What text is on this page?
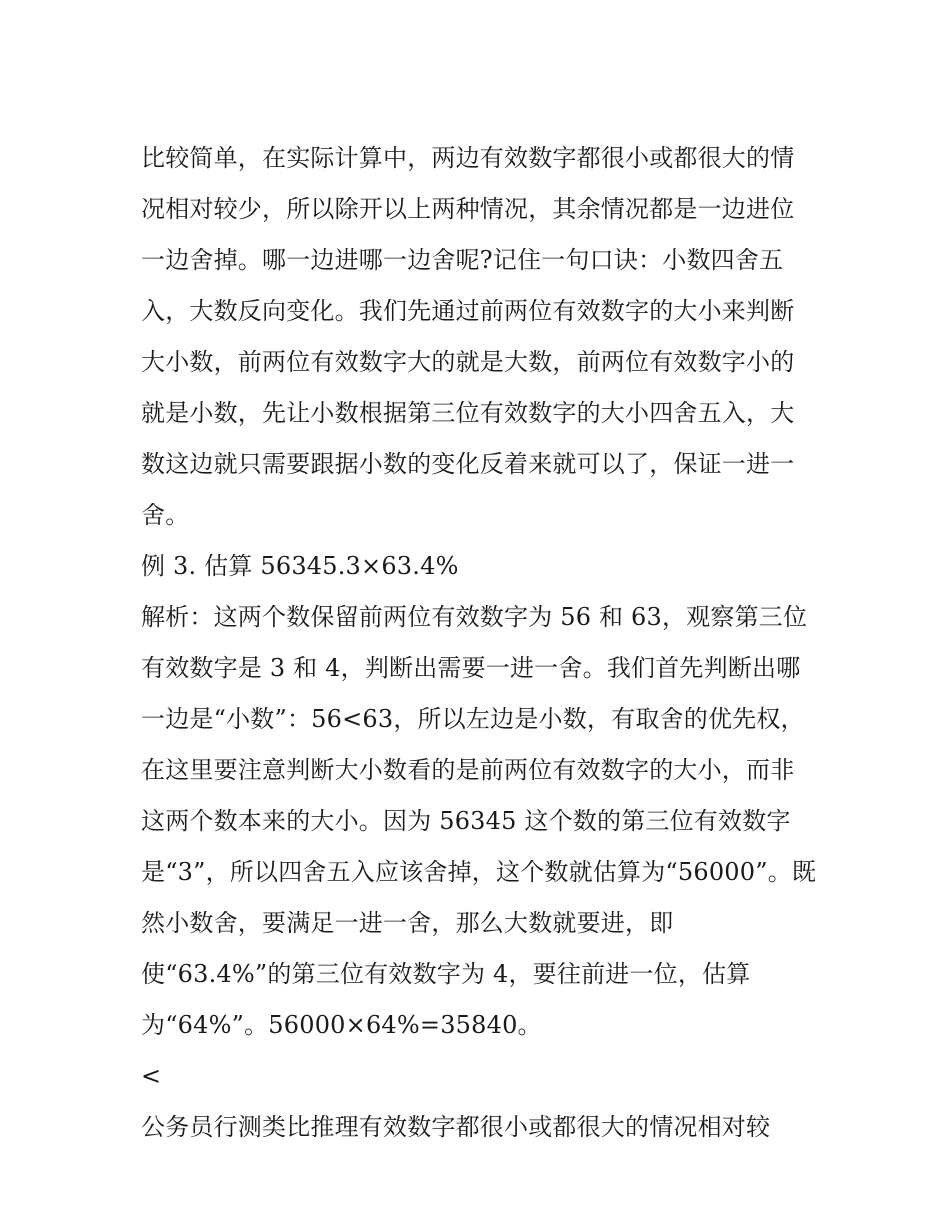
比较简单，在实际计算中，两边有效数字都很小或都很大的情
况相对较少，所以除开以上两种情况，其余情况都是一边进位
一边舍掉。哪一边进哪一边舍呢?记住一句口诀：小数四舍五
入，大数反向变化。我们先通过前两位有效数字的大小来判断
大小数，前两位有效数字大的就是大数，前两位有效数字小的
就是小数，先让小数根据第三位有效数字的大小四舍五入，大
数这边就只需要跟据小数的变化反着来就可以了，保证一进一
舍。
例 3. 估算 56345.3×63.4%
解析：这两个数保留前两位有效数字为 56 和 63，观察第三位
有效数字是 3 和 4，判断出需要一进一舍。我们首先判断出哪
一边是“小数”：56<63，所以左边是小数，有取舍的优先权，
在这里要注意判断大小数看的是前两位有效数字的大小，而非
这两个数本来的大小。因为 56345 这个数的第三位有效数字
是“3”，所以四舍五入应该舍掉，这个数就估算为“56000”。既
然小数舍，要满足一进一舍，那么大数就要进，即
使“63.4%”的第三位有效数字为 4，要往前进一位，估算
为“64%”。56000×64%=35840。
<
公务员行测类比推理有效数字都很小或都很大的情况相对较
